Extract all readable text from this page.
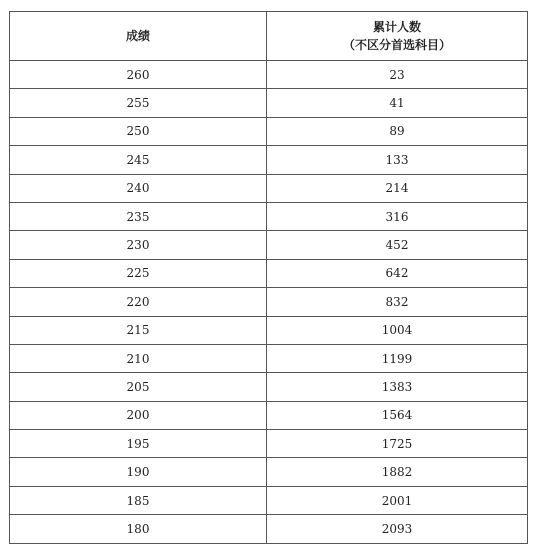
成绩	累计人数
（不区分首选科目）

260	23
255	41
250	89
245	133
240	214
235	316
230	452
225	642
220	832
215	1004
210	1199
205	1383
200	1564
195	1725
190	1882
185	2001
180	2093
